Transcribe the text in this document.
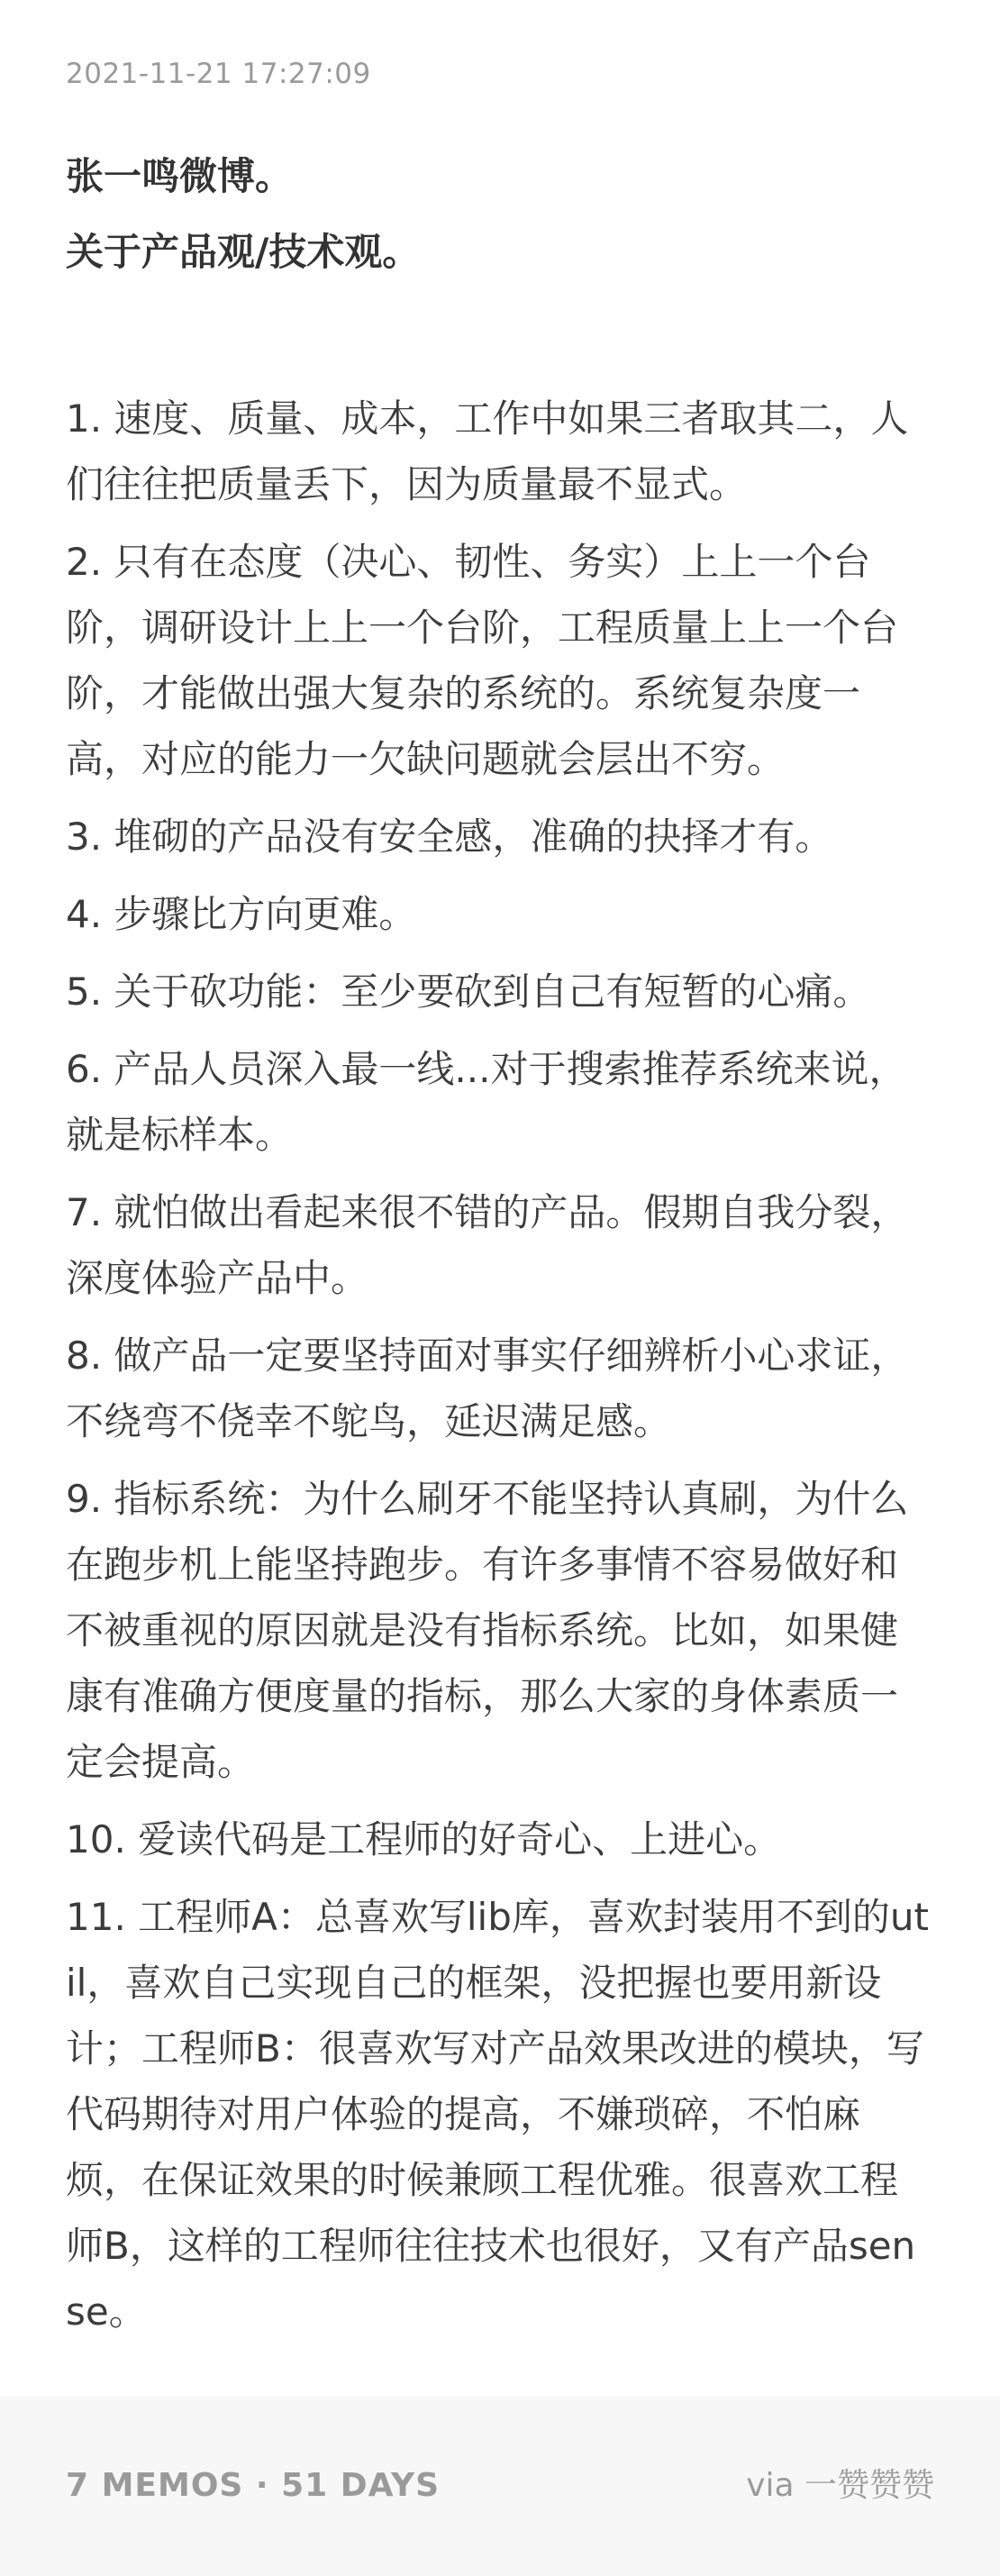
2021-11-21 17:27:09
张一鸣微博。
关于产品观/技术观。
1. 速度、质量、成本，工作中如果三者取其二，人们往往把质量丢下，因为质量最不显式。
2. 只有在态度（决心、韧性、务实）上上一个台阶，调研设计上上一个台阶，工程质量上上一个台阶，才能做出强大复杂的系统的。系统复杂度一高，对应的能力一欠缺问题就会层出不穷。
3. 堆砌的产品没有安全感，准确的抉择才有。
4. 步骤比方向更难。
5. 关于砍功能：至少要砍到自己有短暂的心痛。
6. 产品人员深入最一线...对于搜索推荐系统来说，就是标样本。
7. 就怕做出看起来很不错的产品。假期自我分裂，深度体验产品中。
8. 做产品一定要坚持面对事实仔细辨析小心求证，不绕弯不侥幸不鸵鸟，延迟满足感。
9. 指标系统：为什么刷牙不能坚持认真刷，为什么在跑步机上能坚持跑步。有许多事情不容易做好和不被重视的原因就是没有指标系统。比如，如果健康有准确方便度量的指标，那么大家的身体素质一定会提高。
10. 爱读代码是工程师的好奇心、上进心。
11. 工程师A：总喜欢写lib库，喜欢封装用不到的util，喜欢自己实现自己的框架，没把握也要用新设计；工程师B：很喜欢写对产品效果改进的模块，写代码期待对用户体验的提高，不嫌琐碎，不怕麻烦，在保证效果的时候兼顾工程优雅。很喜欢工程师B，这样的工程师往往技术也很好，又有产品sense。
7 MEMOS · 51 DAYS	via 一赞赞赞
